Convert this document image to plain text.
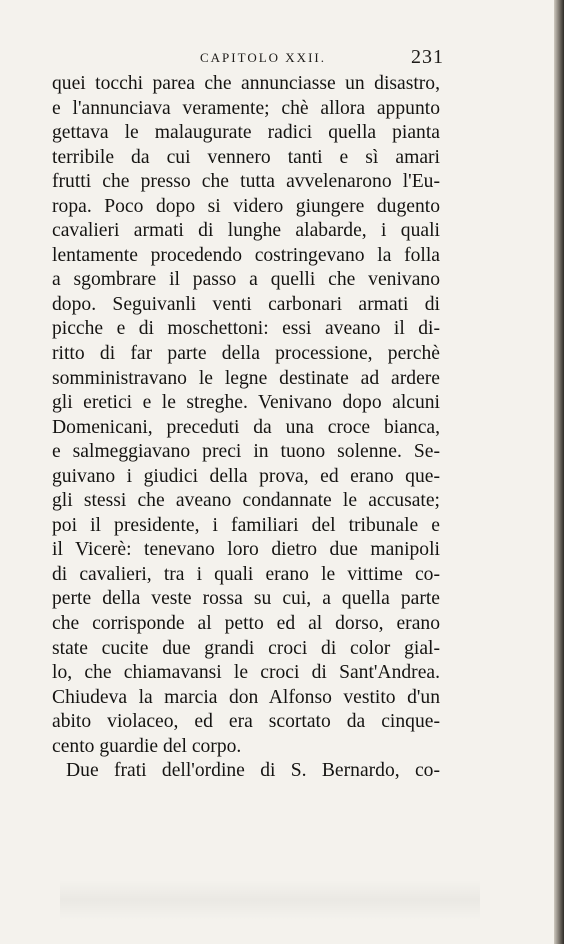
CAPITOLO XXII.	231
quei tocchi parea che annunciasse un disastro,
e l'annunciava veramente; chè allora appunto
gettava le malaugurate radici quella pianta
terribile da cui vennero tanti e sì amari
frutti che presso che tutta avvelenarono l'Eu-
ropa. Poco dopo si videro giungere dugento
cavalieri armati di lunghe alabarde, i quali
lentamente procedendo costringevano la folla
a sgombrare il passo a quelli che venivano
dopo. Seguivanli venti carbonari armati di
picche e di moschettoni: essi aveano il di-
ritto di far parte della processione, perchè
somministravano le legne destinate ad ardere
gli eretici e le streghe. Venivano dopo alcuni
Domenicani, preceduti da una croce bianca,
e salmeggiavano preci in tuono solenne. Se-
guivano i giudici della prova, ed erano que-
gli stessi che aveano condannate le accusate;
poi il presidente, i familiari del tribunale e
il Vicerè: tenevano loro dietro due manipoli
di cavalieri, tra i quali erano le vittime co-
perte della veste rossa su cui, a quella parte
che corrisponde al petto ed al dorso, erano
state cucite due grandi croci di color gial-
lo, che chiamavansi le croci di Sant'Andrea.
Chiudeva la marcia don Alfonso vestito d'un
abito violaceo, ed era scortato da cinque-
cento guardie del corpo.
Due frati dell'ordine di S. Bernardo, co-
